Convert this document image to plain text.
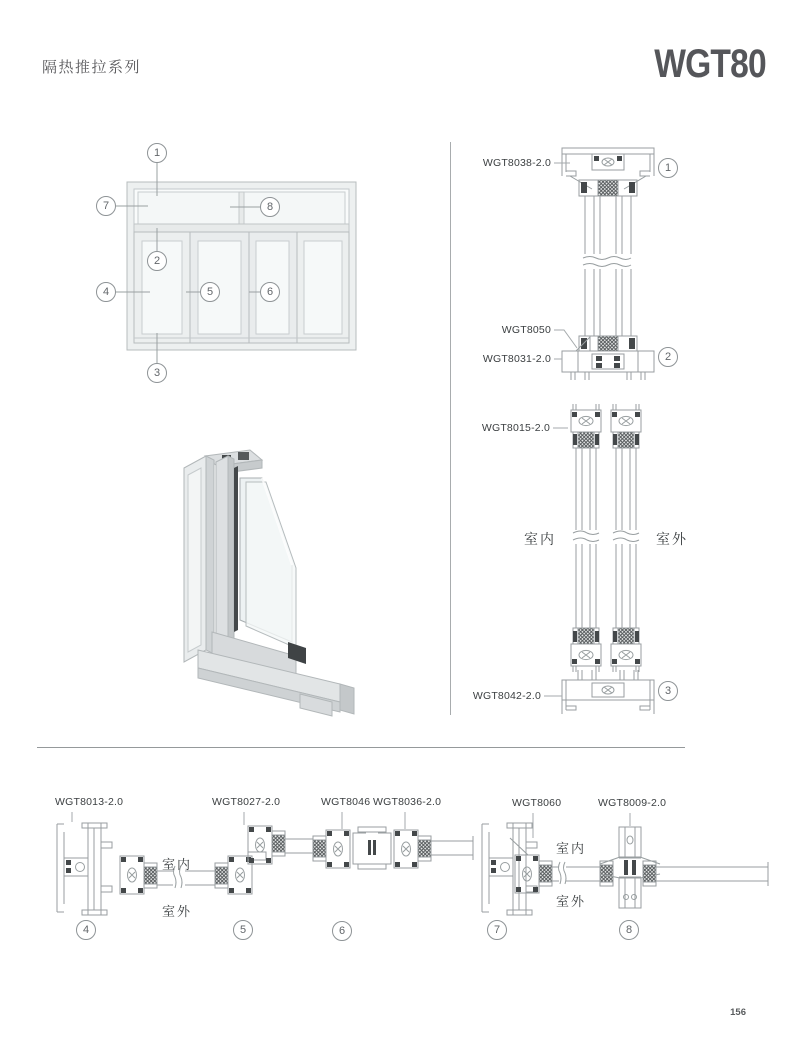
隔热推拉系列	WGT80
1
2
3
4	5	6
7	8
WGT8038-2.0
WGT8050
WGT8031-2.0
WGT8015-2.0
WGT8042-2.0
室内	室外
1
2
3
WGT8013-2.0	WGT8027-2.0	WGT8046 WGT8036-2.0	WGT8060	WGT8009-2.0
室内
室外
室内
室外
4	5	6	7	8
156
